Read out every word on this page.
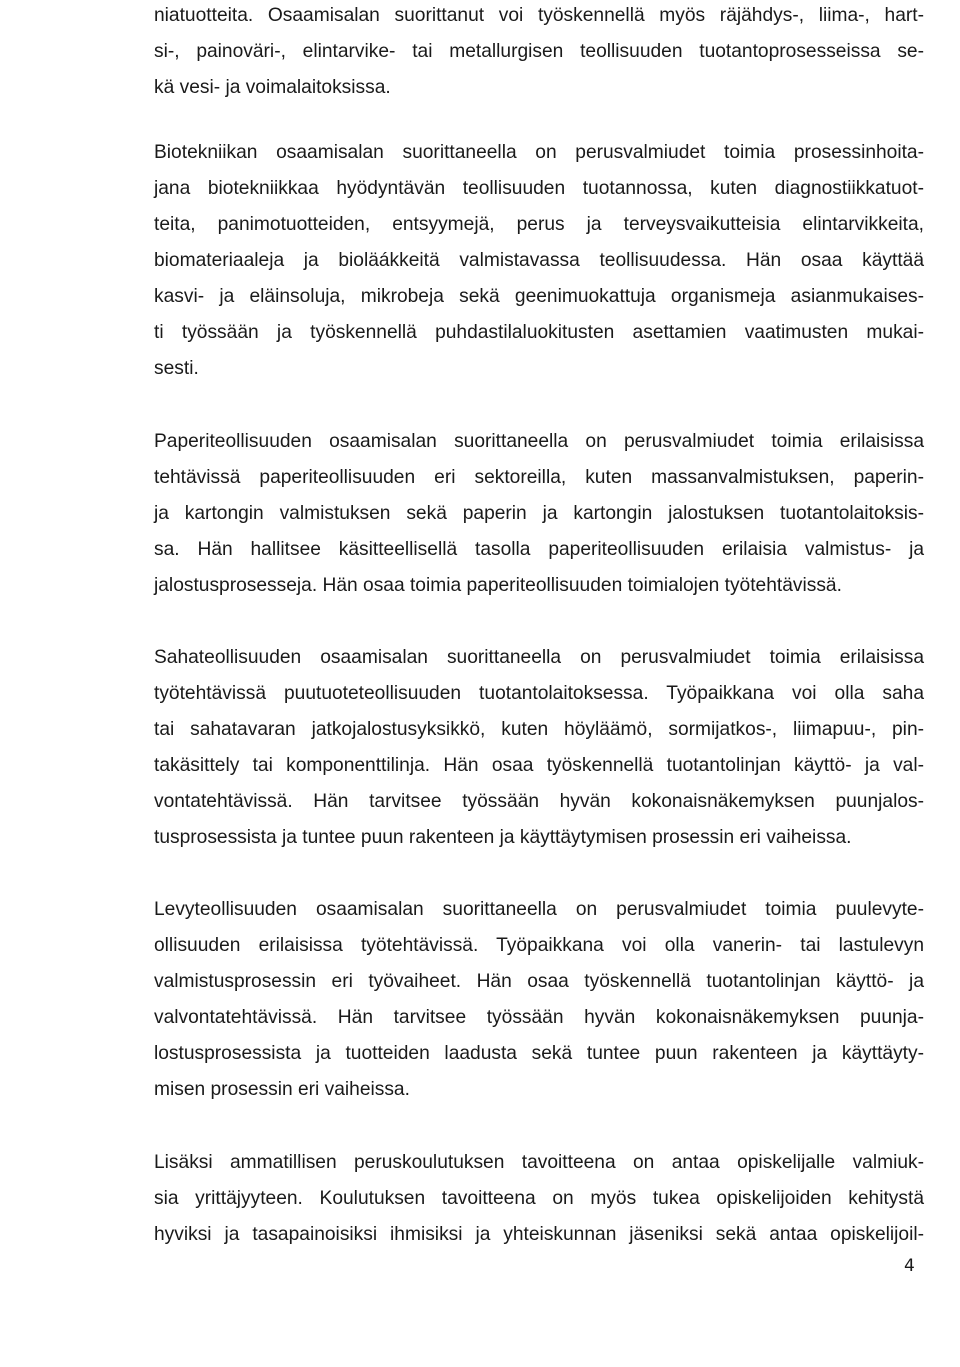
niatuotteita. Osaamisalan suorittanut voi työskennellä myös räjähdys-, liima-, hart-
si-, painoväri-, elintarvike- tai metallurgisen teollisuuden tuotantoprosesseissa se-
kä vesi- ja voimalaitoksissa.
Biotekniikan osaamisalan suorittaneella on perusvalmiudet toimia prosessinhoita-
jana biotekniikkaa hyödyntävän teollisuuden tuotannossa, kuten diagnostiikkatuot-
teita, panimotuotteiden, entsyymejä, perus ja terveysvaikutteisia elintarvikkeita,
biomateriaaleja ja bioläákkeitä valmistavassa teollisuudessa. Hän osaa käyttää
kasvi- ja eläinsoluja, mikrobeja sekä geenimuokattuja organismeja asianmukaises-
ti työssään ja työskennellä puhdastilaluokitusten asettamien vaatimusten mukai-
sesti.
Paperiteollisuuden osaamisalan suorittaneella on perusvalmiudet toimia erilaisissa
tehtävissä paperiteollisuuden eri sektoreilla, kuten massanvalmistuksen, paperin-
ja kartongin valmistuksen sekä paperin ja kartongin jalostuksen tuotantolaitoksis-
sa. Hän hallitsee käsitteellisellä tasolla paperiteollisuuden erilaisia valmistus- ja
jalostusprosesseja. Hän osaa toimia paperiteollisuuden toimialojen työtehtävissä.
Sahateollisuuden osaamisalan suorittaneella on perusvalmiudet toimia erilaisissa
työtehtävissä puutuoteteollisuuden tuotantolaitoksessa. Työpaikkana voi olla saha
tai sahatavaran jatkojalostusyksikkö, kuten höyläämö, sormijatkos-, liimapuu-, pin-
takäsittely tai komponenttilinja. Hän osaa työskennellä tuotantolinjan käyttö- ja val-
vontatehtävissä. Hän tarvitsee työssään hyvän kokonaisnäkemyksen puunjalos-
tusprosessista ja tuntee puun rakenteen ja käyttäytymisen prosessin eri vaiheissa.
Levyteollisuuden osaamisalan suorittaneella on perusvalmiudet toimia puulevyte-
ollisuuden erilaisissa työtehtävissä. Työpaikkana voi olla vanerin- tai lastulevyn
valmistusprosessin eri työvaiheet. Hän osaa työskennellä tuotantolinjan käyttö- ja
valvontatehtävissä. Hän tarvitsee työssään hyvän kokonaisnäkemyksen puunja-
lostusprosessista ja tuotteiden laadusta sekä tuntee puun rakenteen ja käyttäyty-
misen prosessin eri vaiheissa.
Lisäksi ammatillisen peruskoulutuksen tavoitteena on antaa opiskelijalle valmiuk-
sia yrittäjyyteen. Koulutuksen tavoitteena on myös tukea opiskelijoiden kehitystä
hyviksi ja tasapainoisiksi ihmisiksi ja yhteiskunnan jäseniksi sekä antaa opiskelijoil-
4
